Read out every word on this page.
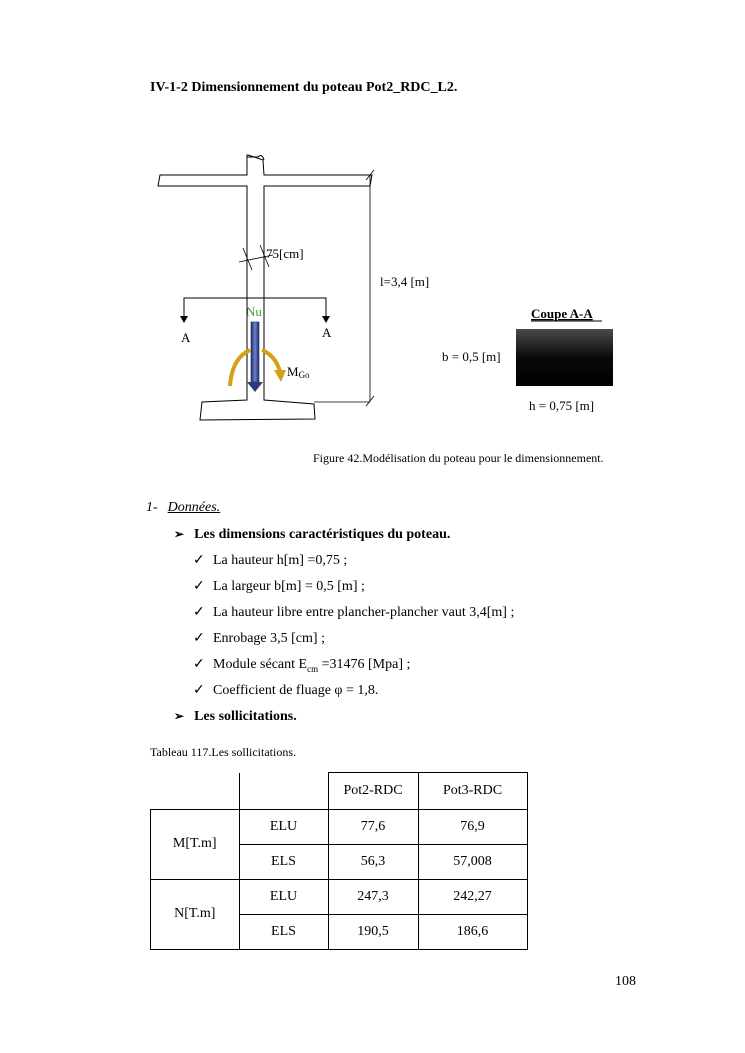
IV-1-2 Dimensionnement du poteau Pot2_RDC_L2.
75[cm]
l=3,4 [m]
A	A
Nu
MGo
Coupe A-A
b = 0,5 [m]
h = 0,75 [m]
Figure 42.Modélisation du poteau pour le dimensionnement.
1- Données.
➢ Les dimensions caractéristiques du poteau.
✓ La hauteur h[m] =0,75 ;
✓ La largeur b[m] = 0,5 [m] ;
✓ La hauteur libre entre plancher-plancher vaut 3,4[m] ;
✓ Enrobage 3,5 [cm] ;
✓ Module sécant $E_{cm} =31476$ [Mpa] ;
✓ Coefficient de fluage φ = 1,8.
➢ Les sollicitations.
Tableau 117.Les sollicitations.
		Pot2-RDC	Pot3-RDC
M[T.m]	ELU	77,6	76,9
	ELS	56,3	57,008
N[T.m]	ELU	247,3	242,27
	ELS	190,5	186,6
108
